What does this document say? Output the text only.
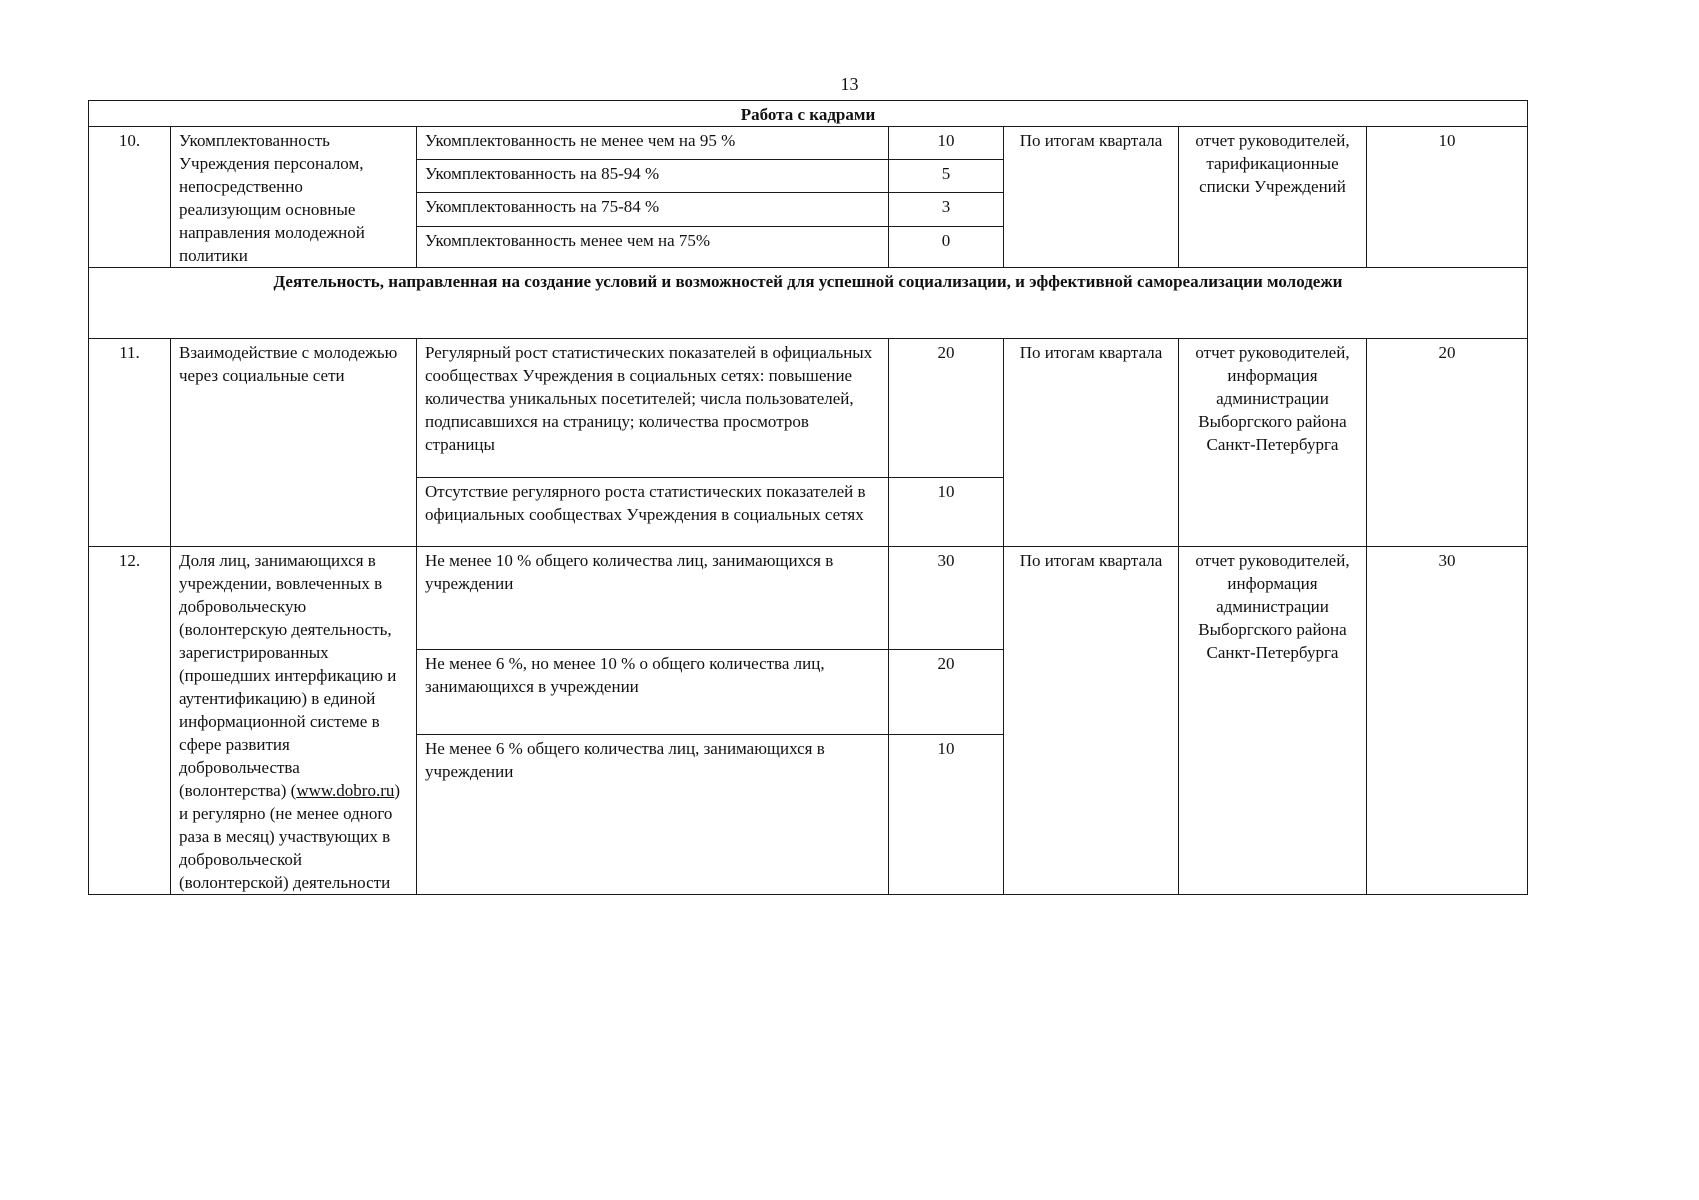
13
Работа с кадрами						
10.	Укомплектованность Учреждения персоналом, непосредственно реализующим основные направления молодежной политики	Укомплектованность не менее чем на 95 %	10	По итогам квартала	отчет руководителей, тарификационные списки Учреждений	10
		Укомплектованность на 85-94 %	5			
		Укомплектованность на 75-84 %	3			
		Укомплектованность менее чем на 75%	0			
Деятельность, направленная на создание условий и возможностей для успешной социализации, и эффективной самореализации молодежи						
11.	Взаимодействие с молодежью через социальные сети	Регулярный рост статистических показателей в официальных сообществах Учреждения в социальных сетях: повышение количества уникальных посетителей; числа пользователей, подписавшихся на страницу; количества просмотров страницы	20	По итогам квартала	отчет руководителей, информация администрации Выборгского района Санкт-Петербурга	20
		Отсутствие регулярного роста статистических показателей в официальных сообществах Учреждения в социальных сетях	10			
12.	Доля лиц, занимающихся в учреждении, вовлеченных в добровольческую (волонтерскую деятельность, зарегистрированных (прошедших интерфикацию и аутентификацию) в единой информационной системе в сфере развития добровольчества (волонтерства) (www.dobro.ru) и регулярно (не менее одного раза в месяц) участвующих в добровольческой (волонтерской) деятельности	Не менее 10 % общего количества лиц, занимающихся в учреждении	30	По итогам квартала	отчет руководителей, информация администрации Выборгского района Санкт-Петербурга	30
		Не менее 6 %, но менее 10 % о общего количества лиц, занимающихся в учреждении	20			
		Не менее 6 % общего количества лиц, занимающихся в учреждении	10			
